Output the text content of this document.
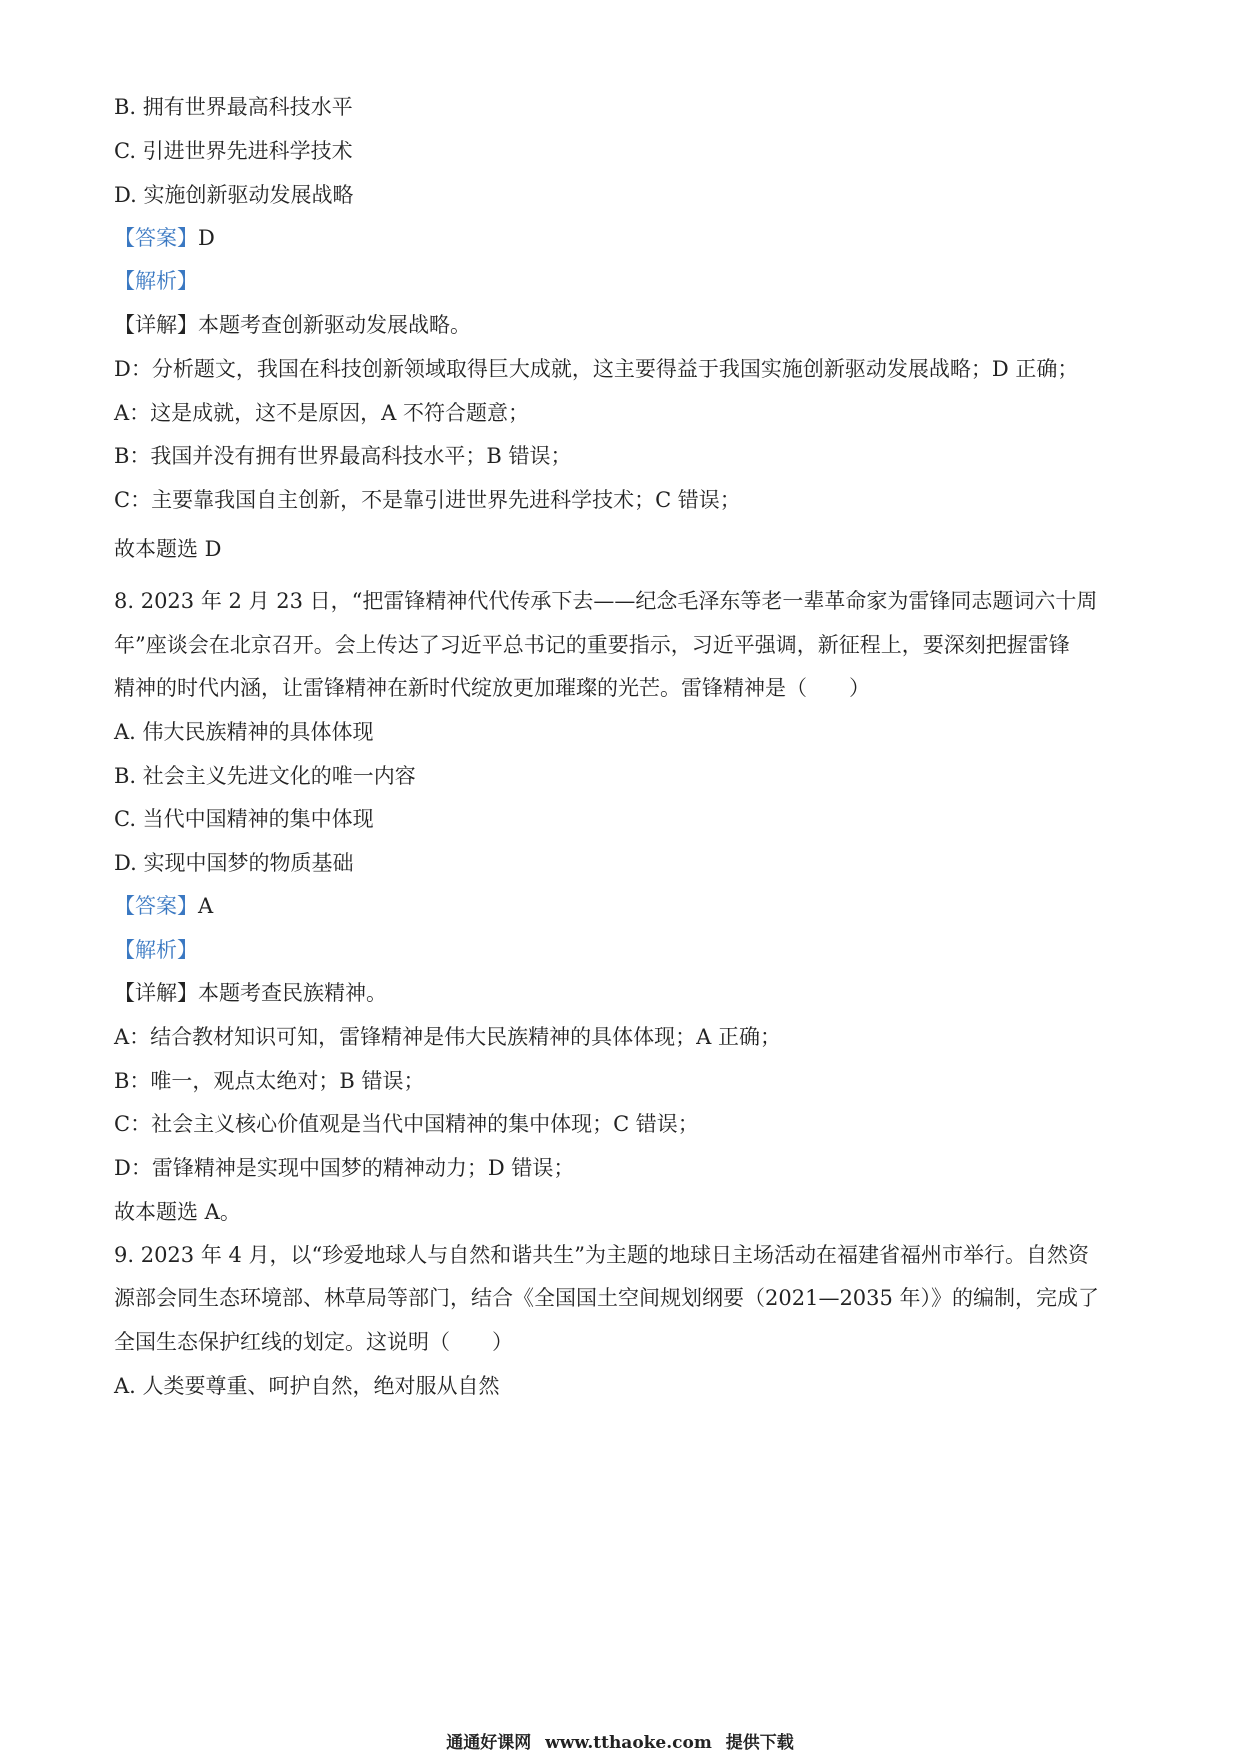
B. 拥有世界最高科技水平
C. 引进世界先进科学技术
D. 实施创新驱动发展战略
【答案】D
【解析】
【详解】本题考查创新驱动发展战略。
D：分析题文，我国在科技创新领域取得巨大成就，这主要得益于我国实施创新驱动发展战略；D 正确；
A：这是成就，这不是原因，A 不符合题意；
B：我国并没有拥有世界最高科技水平；B 错误；
C：主要靠我国自主创新，不是靠引进世界先进科学技术；C 错误；
故本题选 D
8. 2023 年 2 月 23 日，“把雷锋精神代代传承下去——纪念毛泽东等老一辈革命家为雷锋同志题词六十周
年”座谈会在北京召开。会上传达了习近平总书记的重要指示，习近平强调，新征程上，要深刻把握雷锋
精神的时代内涵，让雷锋精神在新时代绽放更加璀璨的光芒。雷锋精神是（　　）
A. 伟大民族精神的具体体现
B. 社会主义先进文化的唯一内容
C. 当代中国精神的集中体现
D. 实现中国梦的物质基础
【答案】A
【解析】
【详解】本题考查民族精神。
A：结合教材知识可知，雷锋精神是伟大民族精神的具体体现；A 正确；
B：唯一，观点太绝对；B 错误；
C：社会主义核心价值观是当代中国精神的集中体现；C 错误；
D：雷锋精神是实现中国梦的精神动力；D 错误；
故本题选 A。
9. 2023 年 4 月，以“珍爱地球人与自然和谐共生”为主题的地球日主场活动在福建省福州市举行。自然资
源部会同生态环境部、林草局等部门，结合《全国国土空间规划纲要（2021—2035 年）》的编制，完成了
全国生态保护红线的划定。这说明（　　）
A. 人类要尊重、呵护自然，绝对服从自然
通通好课网 www.tthaoke.com 提供下载
